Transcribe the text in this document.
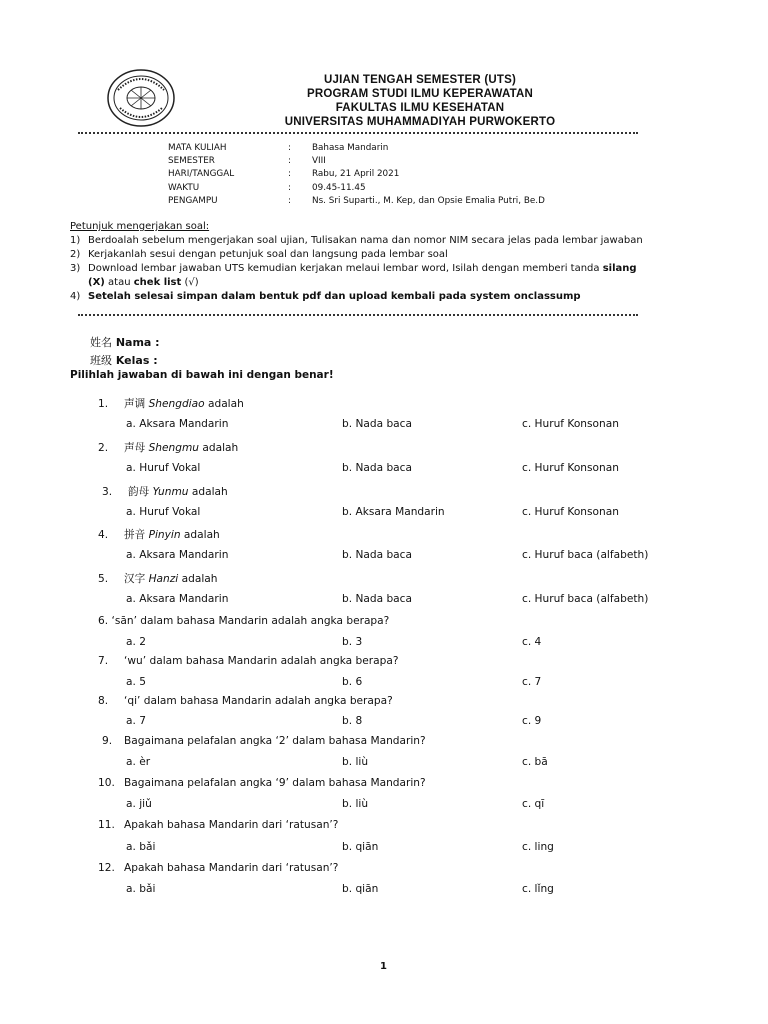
UJIAN TENGAH SEMESTER (UTS)
PROGRAM STUDI ILMU KEPERAWATAN
FAKULTAS ILMU KESEHATAN
UNIVERSITAS MUHAMMADIYAH PURWOKERTO
MATA KULIAH	:	Bahasa Mandarin
SEMESTER	:	VIII
HARI/TANGGAL	:	Rabu, 21 April 2021
WAKTU	:	09.45-11.45
PENGAMPU	:	Ns. Sri Suparti., M. Kep, dan Opsie Emalia Putri, Be.D
Petunjuk mengerjakan soal:
1) Berdoalah sebelum mengerjakan soal ujian, Tulisakan nama dan nomor NIM secara jelas pada lembar jawaban
2) Kerjakanlah sesui dengan petunjuk soal dan langsung pada lembar soal
3) Download lembar jawaban UTS kemudian kerjakan melaui lembar word, Isilah dengan memberi tanda silang
(X) atau chek list (√)
4) Setelah selesai simpan dalam bentuk pdf dan upload kembali pada system onclassump
姓名 Nama :
班级 Kelas :
Pilihlah jawaban di bawah ini dengan benar!
1. 声调 Shengdiao adalah
a. Aksara Mandarin	b. Nada baca	c. Huruf Konsonan
2. 声母 Shengmu adalah
a. Huruf Vokal	b. Nada baca	c. Huruf Konsonan
3. 韵母 Yunmu adalah
a. Huruf Vokal	b. Aksara Mandarin	c. Huruf Konsonan
4. 拼音 Pinyin adalah
a. Aksara Mandarin	b. Nada baca	c. Huruf baca (alfabeth)
5. 汉字 Hanzi adalah
a. Aksara Mandarin	b. Nada baca	c. Huruf baca (alfabeth)
6. ‘sān’ dalam bahasa Mandarin adalah angka berapa?
a. 2	b. 3	c. 4
7. ‘wu’ dalam bahasa Mandarin adalah angka berapa?
a. 5	b. 6	c. 7
8. ‘qi’ dalam bahasa Mandarin adalah angka berapa?
a. 7	b. 8	c. 9
9. Bagaimana pelafalan angka ‘2’ dalam bahasa Mandarin?
a. èr	b. liù	c. bā
10. Bagaimana pelafalan angka ‘9’ dalam bahasa Mandarin?
a. jiǔ	b. liù	c. qī
11. Apakah bahasa Mandarin dari ‘ratusan’?
a. bǎi	b. qiān	c. ling
12. Apakah bahasa Mandarin dari ‘ratusan’?
a. bǎi	b. qiān	c. lǐng
1
